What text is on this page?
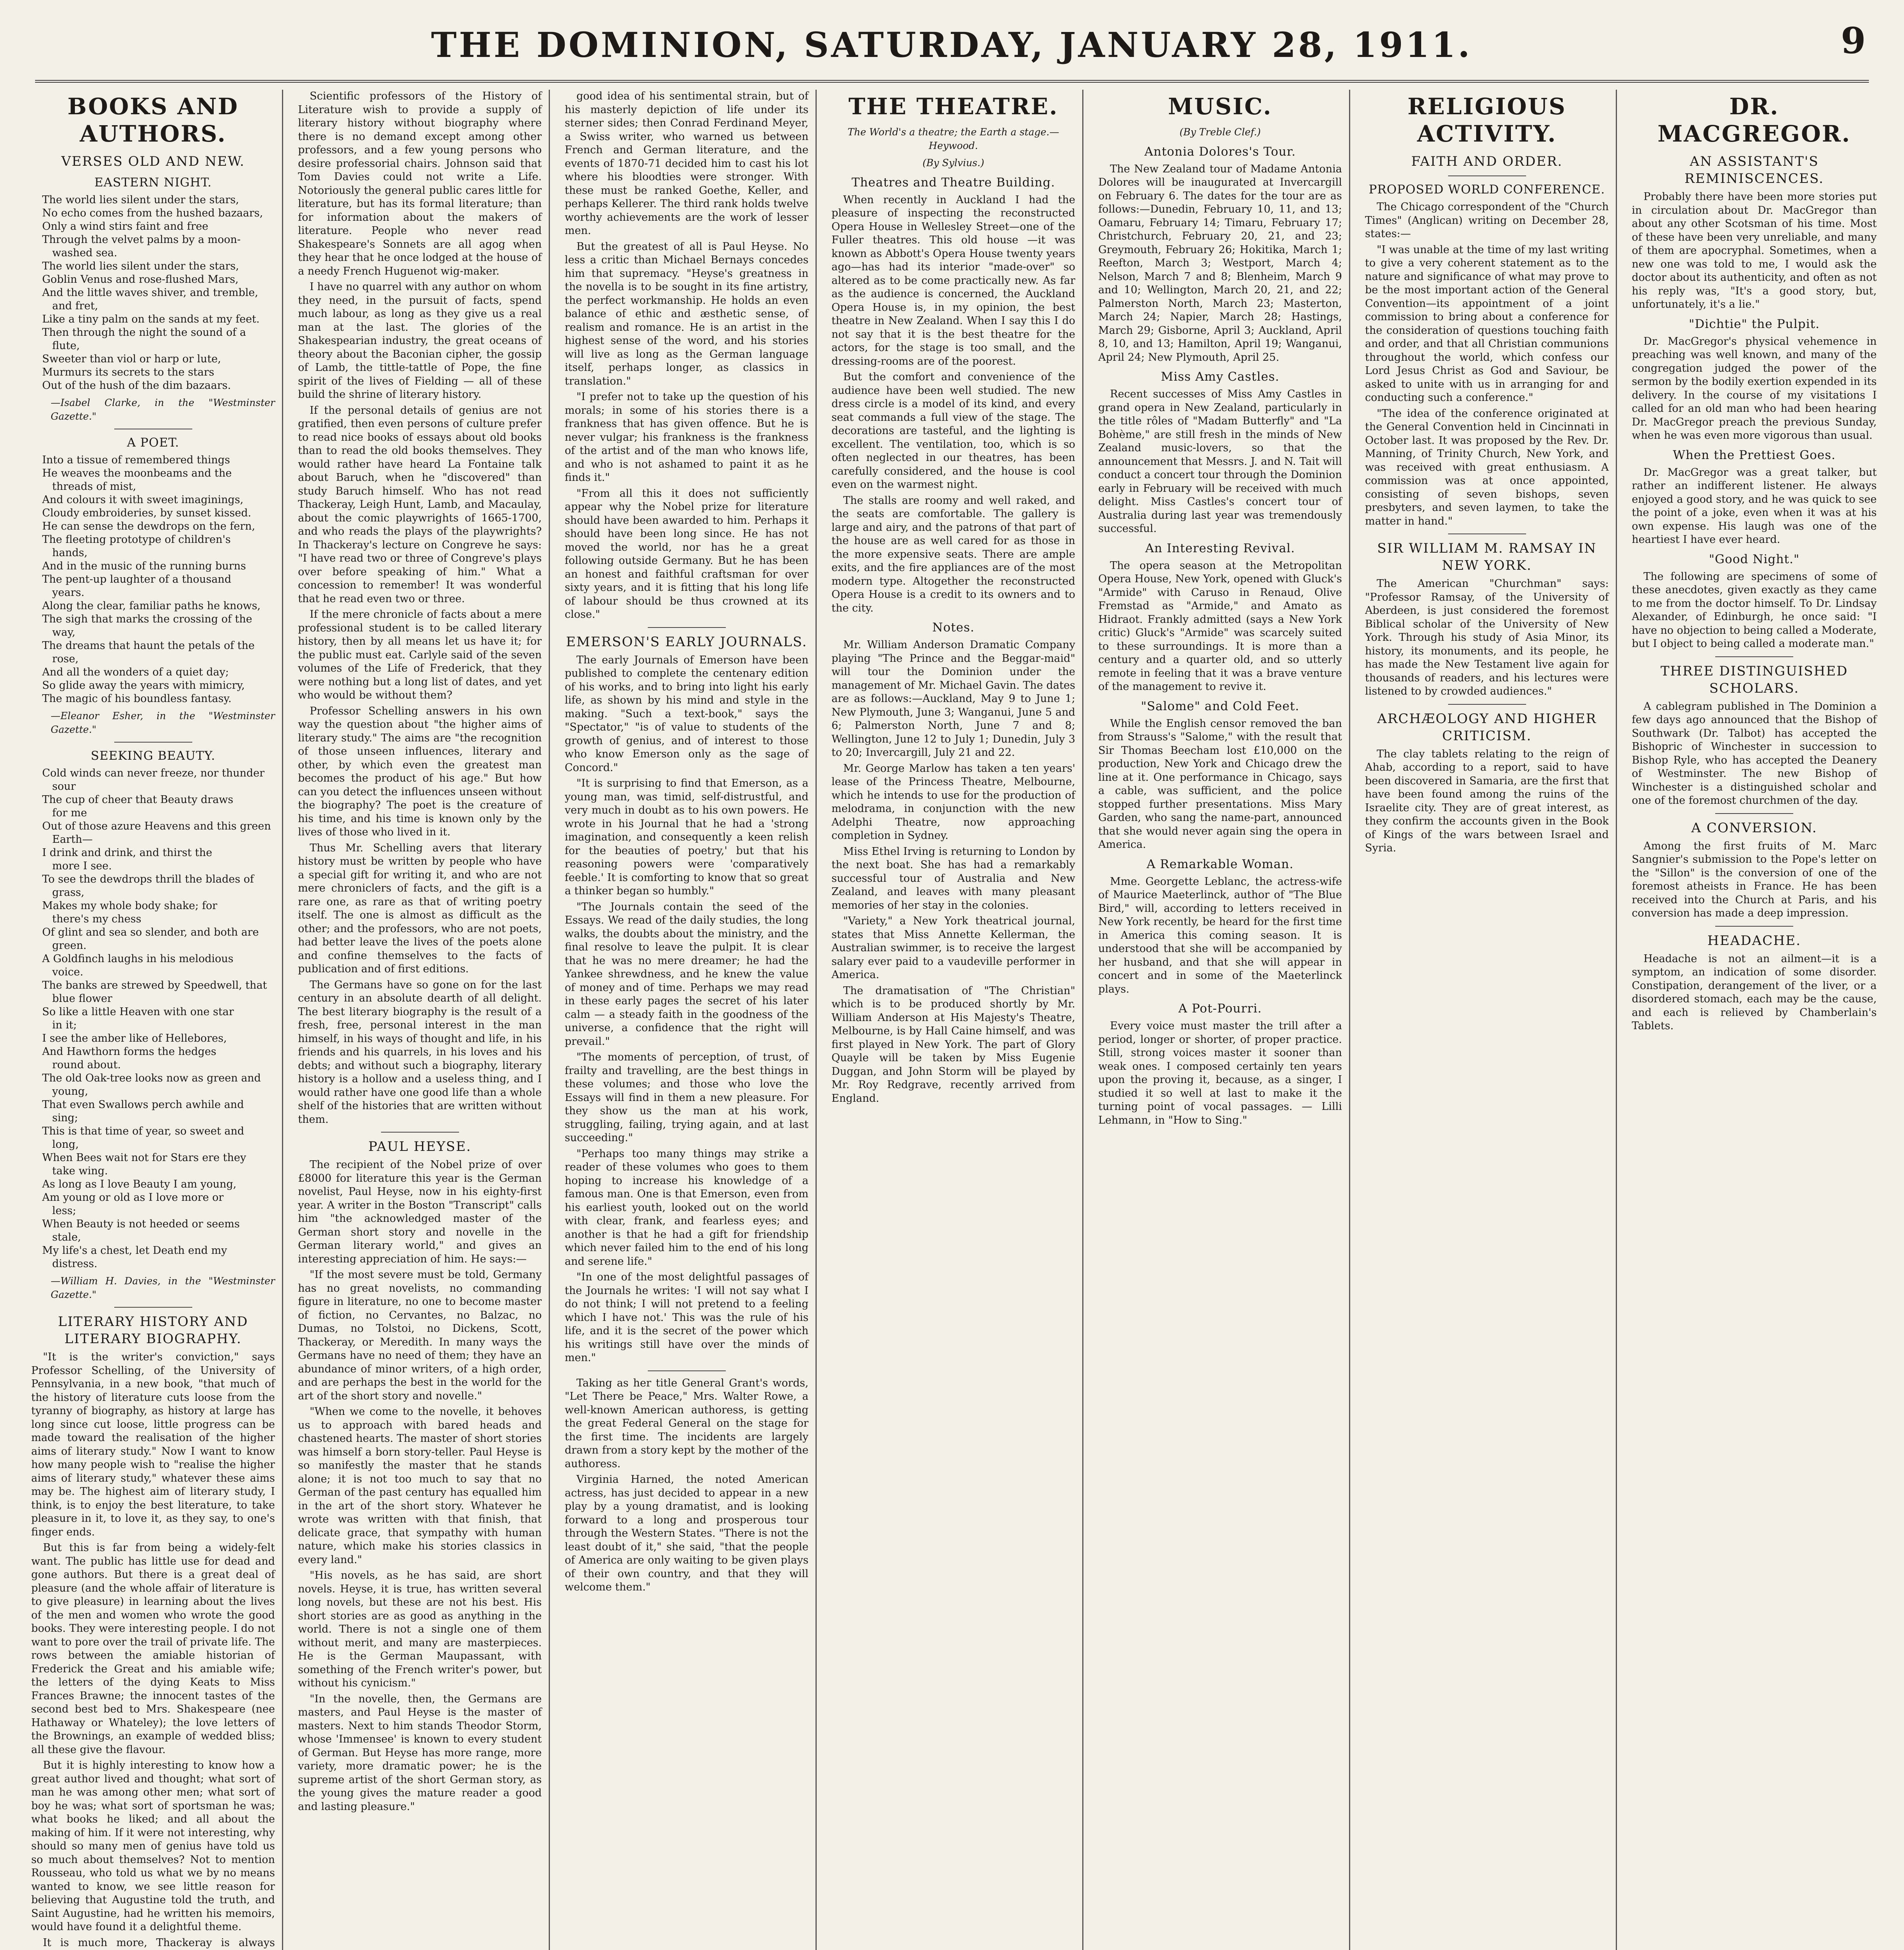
THE DOMINION, SATURDAY, JANUARY 28, 1911.	9
BOOKS AND AUTHORS.
VERSES OLD AND NEW.
EASTERN NIGHT.
The world lies silent under the stars,
No echo comes from the hushed bazaars,
Only a wind stirs faint and free
Through the velvet palms by a moon-
washed sea.
The world lies silent under the stars,
Goblin Venus and rose-flushed Mars,
And the little waves shiver, and tremble,
and fret,
Like a tiny palm on the sands at my feet.
Then through the night the sound of a
flute,
Sweeter than viol or harp or lute,
Murmurs its secrets to the stars
Out of the hush of the dim bazaars.
—Isabel Clarke, in the "Westminster Gazette."
A POET.
Into a tissue of remembered things
He weaves the moonbeams and the
threads of mist,
And colours it with sweet imaginings,
Cloudy embroideries, by sunset kissed.
He can sense the dewdrops on the fern,
The fleeting prototype of children's
hands,
And in the music of the running burns
The pent-up laughter of a thousand
years.
Along the clear, familiar paths he knows,
The sigh that marks the crossing of the
way,
The dreams that haunt the petals of the
rose,
And all the wonders of a quiet day;
So glide away the years with mimicry,
The magic of his boundless fantasy.
—Eleanor Esher, in the "Westminster Gazette."
SEEKING BEAUTY.
Cold winds can never freeze, nor thunder
sour
The cup of cheer that Beauty draws
for me
Out of those azure Heavens and this green
Earth—
I drink and drink, and thirst the
more I see.
To see the dewdrops thrill the blades of
grass,
Makes my whole body shake; for
there's my chess
Of glint and sea so slender, and both are
green.
A Goldfinch laughs in his melodious
voice.
The banks are strewed by Speedwell, that
blue flower
So like a little Heaven with one star
in it;
I see the amber like of Hellebores,
And Hawthorn forms the hedges
round about.
The old Oak-tree looks now as green and
young,
That even Swallows perch awhile and
sing;
This is that time of year, so sweet and
long,
When Bees wait not for Stars ere they
take wing.
As long as I love Beauty I am young,
Am young or old as I love more or
less;
When Beauty is not heeded or seems
stale,
My life's a chest, let Death end my
distress.
—William H. Davies, in the "Westminster Gazette."
LITERARY HISTORY AND LITERARY BIOGRAPHY.

"It is the writer's conviction," says Professor Schelling, of the University of Pennsylvania, in a new book, "that much of the history of literature cuts loose from the tyranny of biography, as history at large has long since cut loose, little progress can be made toward the realisation of the higher aims of literary study." Now I want to know how many people wish to "realise the higher aims of literary study," whatever these aims may be. The highest aim of literary study, I think, is to enjoy the best literature, to take pleasure in it, to love it, as they say, to one's finger ends.

But this is far from being a widely-felt want. The public has little use for dead and gone authors. But there is a great deal of pleasure (and the whole affair of literature is to give pleasure) in learning about the lives of the men and women who wrote the good books. They were interesting people. I do not want to pore over the trail of private life. The rows between the amiable historian of Frederick the Great and his amiable wife; the letters of the dying Keats to Miss Frances Brawne; the innocent tastes of the second best bed to Mrs. Shakespeare (nee Hathaway or Whateley); the love letters of the Brownings, an example of wedded bliss; all these give the flavour.

But it is highly interesting to know how a great author lived and thought; what sort of man he was among other men; what sort of boy he was; what sort of sportsman he was; what books he liked; and all about the making of him. If it were not interesting, why should so many men of genius have told us so much about themselves? Not to mention Rousseau, who told us what we by no means wanted to know, we see little reason for believing that Augustine told the truth, and Saint Augustine, had he written his memoirs, would have found it a delightful theme.

It is much more, Thackeray is always

Scientific professors of the History of Literature wish to provide a supply of literary history without biography where there is no demand except among other professors, and a few young persons who desire professorial chairs. Johnson said that Tom Davies could not write a Life. Notoriously the general public cares little for literature, but has its formal literature; than for information about the makers of literature. People who never read Shakespeare's Sonnets are all agog when they hear that he once lodged at the house of a needy French Huguenot wig-maker.

I have no quarrel with any author on whom they need, in the pursuit of facts, spend much labour, as long as they give us a real man at the last. The glories of the Shakespearian industry, the great oceans of theory about the Baconian cipher, the gossip of Lamb, the tittle-tattle of Pope, the fine spirit of the lives of Fielding — all of these build the shrine of literary history.

If the personal details of genius are not gratified, then even persons of culture prefer to read nice books of essays about old books than to read the old books themselves. They would rather have heard La Fontaine talk about Baruch, when he "discovered" than study Baruch himself. Who has not read Thackeray, Leigh Hunt, Lamb, and Macaulay, about the comic playwrights of 1665-1700, and who reads the plays of the playwrights? In Thackeray's lecture on Congreve he says: "I have read two or three of Congreve's plays over before speaking of him." What a concession to remember! It was wonderful that he read even two or three.

If the mere chronicle of facts about a mere professional student is to be called literary history, then by all means let us have it; for the public must eat. Carlyle said of the seven volumes of the Life of Frederick, that they were nothing but a long list of dates, and yet who would be without them?

Professor Schelling answers in his own way the question about "the higher aims of literary study." The aims are "the recognition of those unseen influences, literary and other, by which even the greatest man becomes the product of his age." But how can you detect the influences unseen without the biography? The poet is the creature of his time, and his time is known only by the lives of those who lived in it.

Thus Mr. Schelling avers that literary history must be written by people who have a special gift for writing it, and who are not mere chroniclers of facts, and the gift is a rare one, as rare as that of writing poetry itself. The one is almost as difficult as the other; and the professors, who are not poets, had better leave the lives of the poets alone and confine themselves to the facts of publication and of first editions.

The Germans have so gone on for the last century in an absolute dearth of all delight. The best literary biography is the result of a fresh, free, personal interest in the man himself, in his ways of thought and life, in his friends and his quarrels, in his loves and his debts; and without such a biography, literary history is a hollow and a useless thing, and I would rather have one good life than a whole shelf of the histories that are written without them.

PAUL HEYSE.

The recipient of the Nobel prize of over £8000 for literature this year is the German novelist, Paul Heyse, now in his eighty-first year. A writer in the Boston "Transcript" calls him "the acknowledged master of the German short story and novelle in the German literary world," and gives an interesting appreciation of him. He says:—

"If the most severe must be told, Germany has no great novelists, no commanding figure in literature, no one to become master of fiction, no Cervantes, no Balzac, no Dumas, no Tolstoi, no Dickens, Scott, Thackeray, or Meredith. In many ways the Germans have no need of them; they have an abundance of minor writers, of a high order, and are perhaps the best in the world for the art of the short story and novelle."

"When we come to the novelle, it behoves us to approach with bared heads and chastened hearts. The master of short stories was himself a born story-teller. Paul Heyse is so manifestly the master that he stands alone; it is not too much to say that no German of the past century has equalled him in the art of the short story. Whatever he wrote was written with that finish, that delicate grace, that sympathy with human nature, which make his stories classics in every land."

"His novels, as he has said, are short novels. Heyse, it is true, has written several long novels, but these are not his best. His short stories are as good as anything in the world. There is not a single one of them without merit, and many are masterpieces. He is the German Maupassant, with something of the French writer's power, but without his cynicism."

"In the novelle, then, the Germans are masters, and Paul Heyse is the master of masters. Next to him stands Theodor Storm, whose 'Immensee' is known to every student of German. But Heyse has more range, more variety, more dramatic power; he is the supreme artist of the short German story, as the young gives the mature reader a good and lasting pleasure."

good idea of his sentimental strain, but of his masterly depiction of life under its sterner sides; then Conrad Ferdinand Meyer, a Swiss writer, who warned us between French and German literature, and the events of 1870-71 decided him to cast his lot where his bloodties were stronger. With these must be ranked Goethe, Keller, and perhaps Kellerer. The third rank holds twelve worthy achievements are the work of lesser men.

But the greatest of all is Paul Heyse. No less a critic than Michael Bernays concedes him that supremacy. "Heyse's greatness in the novella is to be sought in its fine artistry, the perfect workmanship. He holds an even balance of ethic and æsthetic sense, of realism and romance. He is an artist in the highest sense of the word, and his stories will live as long as the German language itself, perhaps longer, as classics in translation."

"I prefer not to take up the question of his morals; in some of his stories there is a frankness that has given offence. But he is never vulgar; his frankness is the frankness of the artist and of the man who knows life, and who is not ashamed to paint it as he finds it."

"From all this it does not sufficiently appear why the Nobel prize for literature should have been awarded to him. Perhaps it should have been long since. He has not moved the world, nor has he a great following outside Germany. But he has been an honest and faithful craftsman for over sixty years, and it is fitting that his long life of labour should be thus crowned at its close."

EMERSON'S EARLY JOURNALS.

The early Journals of Emerson have been published to complete the centenary edition of his works, and to bring into light his early life, as shown by his mind and style in the making. "Such a text-book," says the "Spectator," "is of value to students of the growth of genius, and of interest to those who know Emerson only as the sage of Concord."

"It is surprising to find that Emerson, as a young man, was timid, self-distrustful, and very much in doubt as to his own powers. He wrote in his Journal that he had a 'strong imagination, and consequently a keen relish for the beauties of poetry,' but that his reasoning powers were 'comparatively feeble.' It is comforting to know that so great a thinker began so humbly."

"The Journals contain the seed of the Essays. We read of the daily studies, the long walks, the doubts about the ministry, and the final resolve to leave the pulpit. It is clear that he was no mere dreamer; he had the Yankee shrewdness, and he knew the value of money and of time. Perhaps we may read in these early pages the secret of his later calm — a steady faith in the goodness of the universe, a confidence that the right will prevail."

"The moments of perception, of trust, of frailty and travelling, are the best things in these volumes; and those who love the Essays will find in them a new pleasure. For they show us the man at his work, struggling, failing, trying again, and at last succeeding."

"Perhaps too many things may strike a reader of these volumes who goes to them hoping to increase his knowledge of a famous man. One is that Emerson, even from his earliest youth, looked out on the world with clear, frank, and fearless eyes; and another is that he had a gift for friendship which never failed him to the end of his long and serene life."

"In one of the most delightful passages of the Journals he writes: 'I will not say what I do not think; I will not pretend to a feeling which I have not.' This was the rule of his life, and it is the secret of the power which his writings still have over the minds of men."

Taking as her title General Grant's words, "Let There be Peace," Mrs. Walter Rowe, a well-known American authoress, is getting the great Federal General on the stage for the first time. The incidents are largely drawn from a story kept by the mother of the authoress.

Virginia Harned, the noted American actress, has just decided to appear in a new play by a young dramatist, and is looking forward to a long and prosperous tour through the Western States. "There is not the least doubt of it," she said, "that the people of America are only waiting to be given plays of their own country, and that they will welcome them."

THE THEATRE.
The World's a theatre; the Earth a stage.—Heywood.
(By Sylvius.)
Theatres and Theatre Building.

When recently in Auckland I had the pleasure of inspecting the reconstructed Opera House in Wellesley Street—one of the Fuller theatres. This old house —it was known as Abbott's Opera House twenty years ago—has had its interior "made-over" so altered as to be come practically new. As far as the audience is concerned, the Auckland Opera House is, in my opinion, the best theatre in New Zealand. When I say this I do not say that it is the best theatre for the actors, for the stage is too small, and the dressing-rooms are of the poorest.

But the comfort and convenience of the audience have been well studied. The new dress circle is a model of its kind, and every seat commands a full view of the stage. The decorations are tasteful, and the lighting is excellent. The ventilation, too, which is so often neglected in our theatres, has been carefully considered, and the house is cool even on the warmest night.

The stalls are roomy and well raked, and the seats are comfortable. The gallery is large and airy, and the patrons of that part of the house are as well cared for as those in the more expensive seats. There are ample exits, and the fire appliances are of the most modern type. Altogether the reconstructed Opera House is a credit to its owners and to the city.

Notes.

Mr. William Anderson Dramatic Company playing "The Prince and the Beggar-maid" will tour the Dominion under the management of Mr. Michael Gavin. The dates are as follows:—Auckland, May 9 to June 1; New Plymouth, June 3; Wanganui, June 5 and 6; Palmerston North, June 7 and 8; Wellington, June 12 to July 1; Dunedin, July 3 to 20; Invercargill, July 21 and 22.

Mr. George Marlow has taken a ten years' lease of the Princess Theatre, Melbourne, which he intends to use for the production of melodrama, in conjunction with the new Adelphi Theatre, now approaching completion in Sydney.

Miss Ethel Irving is returning to London by the next boat. She has had a remarkably successful tour of Australia and New Zealand, and leaves with many pleasant memories of her stay in the colonies.

"Variety," a New York theatrical journal, states that Miss Annette Kellerman, the Australian swimmer, is to receive the largest salary ever paid to a vaudeville performer in America.

The dramatisation of "The Christian" which is to be produced shortly by Mr. William Anderson at His Majesty's Theatre, Melbourne, is by Hall Caine himself, and was first played in New York. The part of Glory Quayle will be taken by Miss Eugenie Duggan, and John Storm will be played by Mr. Roy Redgrave, recently arrived from England.

MUSIC.
(By Treble Clef.)
Antonia Dolores's Tour.

The New Zealand tour of Madame Antonia Dolores will be inaugurated at Invercargill on February 6. The dates for the tour are as follows:—Dunedin, February 10, 11, and 13; Oamaru, February 14; Timaru, February 17; Christchurch, February 20, 21, and 23; Greymouth, February 26; Hokitika, March 1; Reefton, March 3; Westport, March 4; Nelson, March 7 and 8; Blenheim, March 9 and 10; Wellington, March 20, 21, and 22; Palmerston North, March 23; Masterton, March 24; Napier, March 28; Hastings, March 29; Gisborne, April 3; Auckland, April 8, 10, and 13; Hamilton, April 19; Wanganui, April 24; New Plymouth, April 25.

Miss Amy Castles.

Recent successes of Miss Amy Castles in grand opera in New Zealand, particularly in the title rôles of "Madam Butterfly" and "La Bohème," are still fresh in the minds of New Zealand music-lovers, so that the announcement that Messrs. J. and N. Tait will conduct a concert tour through the Dominion early in February will be received with much delight. Miss Castles's concert tour of Australia during last year was tremendously successful.

An Interesting Revival.

The opera season at the Metropolitan Opera House, New York, opened with Gluck's "Armide" with Caruso in Renaud, Olive Fremstad as "Armide," and Amato as Hidraot. Frankly admitted (says a New York critic) Gluck's "Armide" was scarcely suited to these surroundings. It is more than a century and a quarter old, and so utterly remote in feeling that it was a brave venture of the management to revive it.

"Salome" and Cold Feet.

While the English censor removed the ban from Strauss's "Salome," with the result that Sir Thomas Beecham lost £10,000 on the production, New York and Chicago drew the line at it. One performance in Chicago, says a cable, was sufficient, and the police stopped further presentations. Miss Mary Garden, who sang the name-part, announced that she would never again sing the opera in America.

A Remarkable Woman.

Mme. Georgette Leblanc, the actress-wife of Maurice Maeterlinck, author of "The Blue Bird," will, according to letters received in New York recently, be heard for the first time in America this coming season. It is understood that she will be accompanied by her husband, and that she will appear in concert and in some of the Maeterlinck plays.

A Pot-Pourri.

Every voice must master the trill after a period, longer or shorter, of proper practice. Still, strong voices master it sooner than weak ones. I composed certainly ten years upon the proving it, because, as a singer, I studied it so well at last to make it the turning point of vocal passages. — Lilli Lehmann, in "How to Sing."

RELIGIOUS ACTIVITY.
FAITH AND ORDER.
PROPOSED WORLD CONFERENCE.

The Chicago correspondent of the "Church Times" (Anglican) writing on December 28, states:—

"I was unable at the time of my last writing to give a very coherent statement as to the nature and significance of what may prove to be the most important action of the General Convention—its appointment of a joint commission to bring about a conference for the consideration of questions touching faith and order, and that all Christian communions throughout the world, which confess our Lord Jesus Christ as God and Saviour, be asked to unite with us in arranging for and conducting such a conference."

"The idea of the conference originated at the General Convention held in Cincinnati in October last. It was proposed by the Rev. Dr. Manning, of Trinity Church, New York, and was received with great enthusiasm. A commission was at once appointed, consisting of seven bishops, seven presbyters, and seven laymen, to take the matter in hand."

SIR WILLIAM M. RAMSAY IN NEW YORK.

The American "Churchman" says: "Professor Ramsay, of the University of Aberdeen, is just considered the foremost Biblical scholar of the University of New York. Through his study of Asia Minor, its history, its monuments, and its people, he has made the New Testament live again for thousands of readers, and his lectures were listened to by crowded audiences."

ARCHÆOLOGY AND HIGHER CRITICISM.

The clay tablets relating to the reign of Ahab, according to a report, said to have been discovered in Samaria, are the first that have been found among the ruins of the Israelite city. They are of great interest, as they confirm the accounts given in the Book of Kings of the wars between Israel and Syria.

DR. MACGREGOR.
AN ASSISTANT'S REMINISCENCES.

Probably there have been more stories put in circulation about Dr. MacGregor than about any other Scotsman of his time. Most of these have been very unreliable, and many of them are apocryphal. Sometimes, when a new one was told to me, I would ask the doctor about its authenticity, and often as not his reply was, "It's a good story, but, unfortunately, it's a lie."

"Dichtie" the Pulpit.

Dr. MacGregor's physical vehemence in preaching was well known, and many of the congregation judged the power of the sermon by the bodily exertion expended in its delivery. In the course of my visitations I called for an old man who had been hearing Dr. MacGregor preach the previous Sunday, when he was even more vigorous than usual.

When the Prettiest Goes.

Dr. MacGregor was a great talker, but rather an indifferent listener. He always enjoyed a good story, and he was quick to see the point of a joke, even when it was at his own expense. His laugh was one of the heartiest I have ever heard.

"Good Night."

The following are specimens of some of these anecdotes, given exactly as they came to me from the doctor himself. To Dr. Lindsay Alexander, of Edinburgh, he once said: "I have no objection to being called a Moderate, but I object to being called a moderate man."

THREE DISTINGUISHED SCHOLARS.

A cablegram published in The Dominion a few days ago announced that the Bishop of Southwark (Dr. Talbot) has accepted the Bishopric of Winchester in succession to Bishop Ryle, who has accepted the Deanery of Westminster. The new Bishop of Winchester is a distinguished scholar and one of the foremost churchmen of the day.

A CONVERSION.

Among the first fruits of M. Marc Sangnier's submission to the Pope's letter on the "Sillon" is the conversion of one of the foremost atheists in France. He has been received into the Church at Paris, and his conversion has made a deep impression.

HEADACHE.

Headache is not an ailment—it is a symptom, an indication of some disorder. Constipation, derangement of the liver, or a disordered stomach, each may be the cause, and each is relieved by Chamberlain's Tablets.
